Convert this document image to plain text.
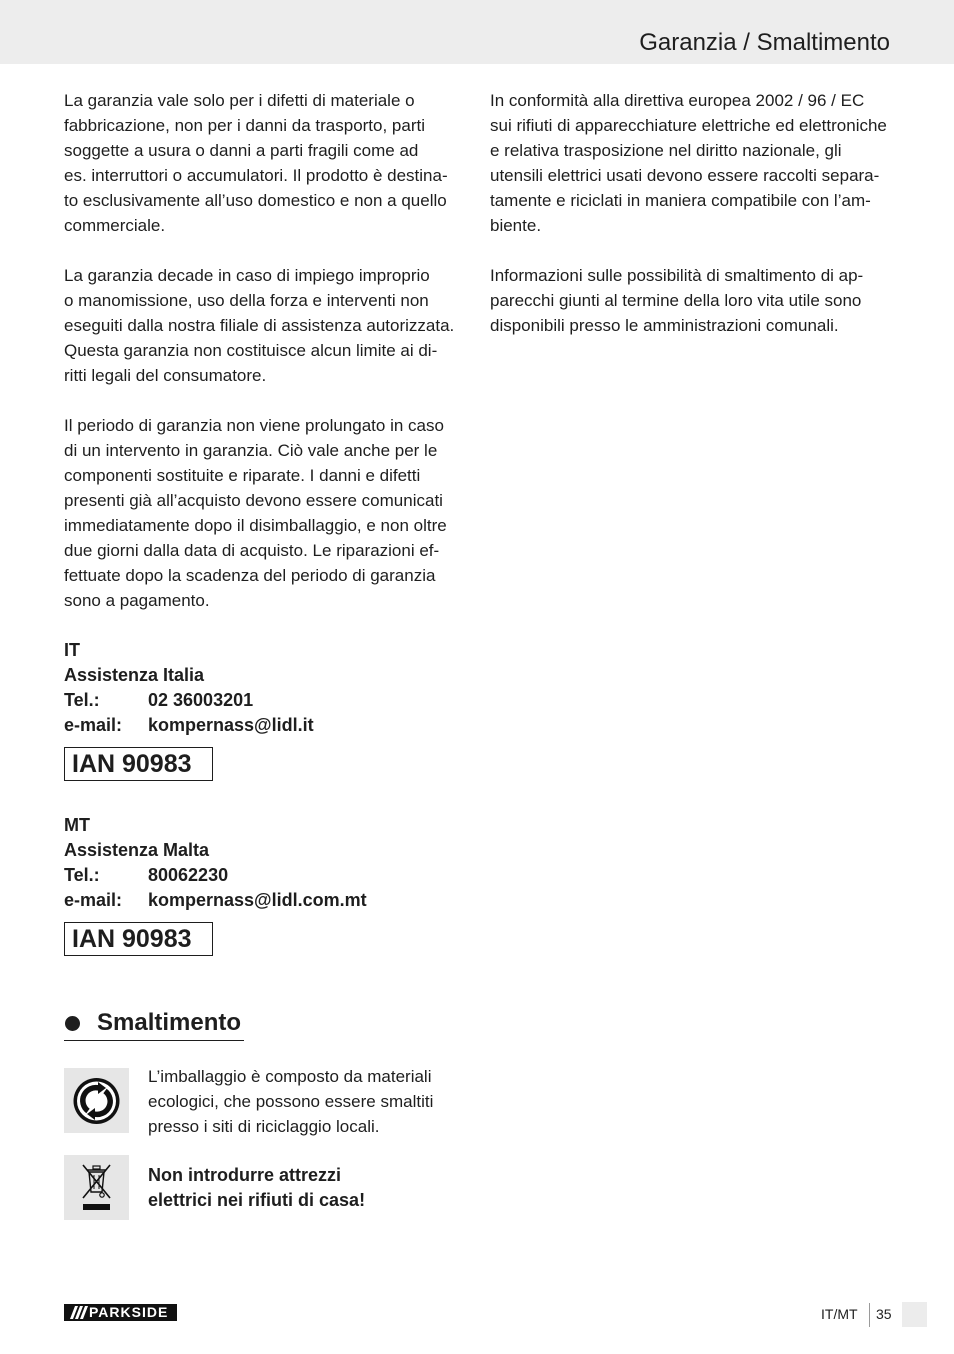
Garanzia / Smaltimento
La garanzia vale solo per i difetti di materiale o
fabbricazione, non per i danni da trasporto, parti
soggette a usura o danni a parti fragili come ad
es. interruttori o accumulatori. Il prodotto è destina-
to esclusivamente all’uso domestico e non a quello
commerciale.
La garanzia decade in caso di impiego improprio
o manomissione, uso della forza e interventi non
eseguiti dalla nostra filiale di assistenza autorizzata.
Questa garanzia non costituisce alcun limite ai di-
ritti legali del consumatore.
Il periodo di garanzia non viene prolungato in caso
di un intervento in garanzia. Ciò vale anche per le
componenti sostituite e riparate. I danni e difetti
presenti già all’acquisto devono essere comunicati
immediatamente dopo il disimballaggio, e non oltre
due giorni dalla data di acquisto. Le riparazioni ef-
fettuate dopo la scadenza del periodo di garanzia
sono a pagamento.
IT
Assistenza Italia
Tel.:	02 36003201
e-mail:	kompernass@lidl.it
IAN 90983
MT
Assistenza Malta
Tel.:	80062230
e-mail:	kompernass@lidl.com.mt
IAN 90983
Smaltimento
L’imballaggio è composto da materiali
ecologici, che possono essere smaltiti
presso i siti di riciclaggio locali.
Non introdurre attrezzi
elettrici nei rifiuti di casa!
In conformità alla direttiva europea 2002 / 96 / EC
sui rifiuti di apparecchiature elettriche ed elettroniche
e relativa trasposizione nel diritto nazionale, gli
utensili elettrici usati devono essere raccolti separa-
tamente e riciclati in maniera compatibile con l’am-
biente.
Informazioni sulle possibilità di smaltimento di ap-
parecchi giunti al termine della loro vita utile sono
disponibili presso le amministrazioni comunali.
PARKSIDE	IT/MT 35
